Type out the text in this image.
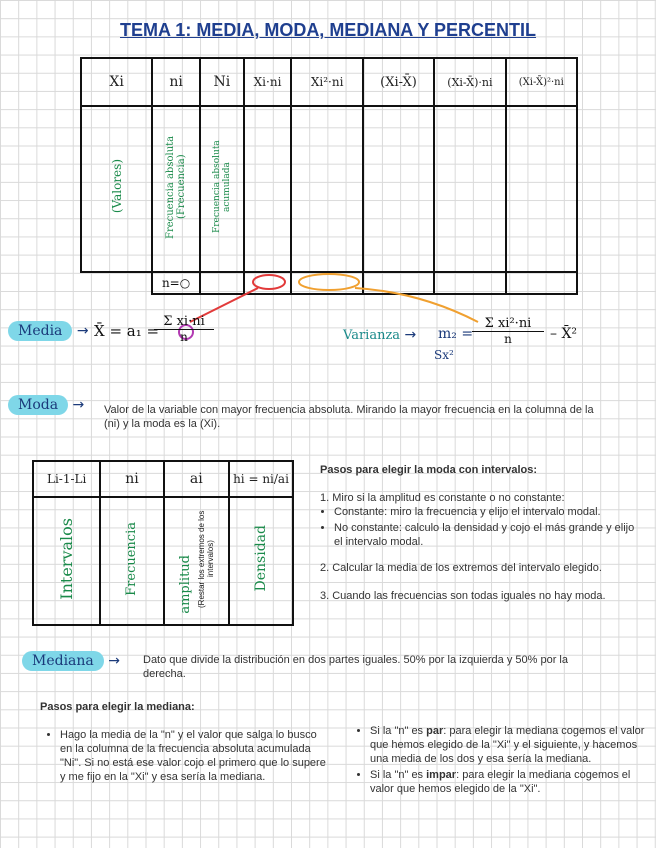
TEMA 1: MEDIA, MODA, MEDIANA Y PERCENTIL
Xi	ni	Ni	Xi·ni	Xi²·ni	(Xi-X̄)	(Xi-X̄)·ni	(Xi-X̄)²·ni
(Valores)	Frecuencia absoluta (Frecuencia)	Frecuencia absoluta acumulada					
	n=○						
Media → X̄ = a₁ =
$\frac{\text{Σ xi·ni}}{n}$	Varianza → m₂ =
$\frac{\text{Σ xi²·ni}}{n}$ – X̄²
Sx²
Moda → Valor de la variable con mayor frecuencia absoluta. Mirando la mayor frecuencia en la columna de la (ni) y la moda es la (Xi).
Li-1-Li	ni	ai	hi = ni/ai
Intervalos	Frecuencia	amplitud (Restar los extremos de los intervalos)	Densidad
Pasos para elegir la moda con intervalos:
1. Miro si la amplitud es constante o no constante:
• Constante: miro la frecuencia y elijo el intervalo modal.
• No constante: calculo la densidad y cojo el más grande y elijo el intervalo modal.
2. Calcular la media de los extremos del intervalo elegido.
3. Cuando las frecuencias son todas iguales no hay moda.
Mediana → Dato que divide la distribución en dos partes iguales. 50% por la izquierda y 50% por la derecha.
Pasos para elegir la mediana:
• Hago la media de la "n" y el valor que salga lo busco en la columna de la frecuencia absoluta acumulada "Ni". Si no está ese valor cojo el primero que lo supere y me fijo en la "Xi" y esa sería la mediana.
• Si la "n" es par: para elegir la mediana cogemos el valor que hemos elegido de la "Xi" y el siguiente, y hacemos una media de los dos y esa sería la mediana.
• Si la "n" es impar: para elegir la mediana cogemos el valor que hemos elegido de la "Xi".
